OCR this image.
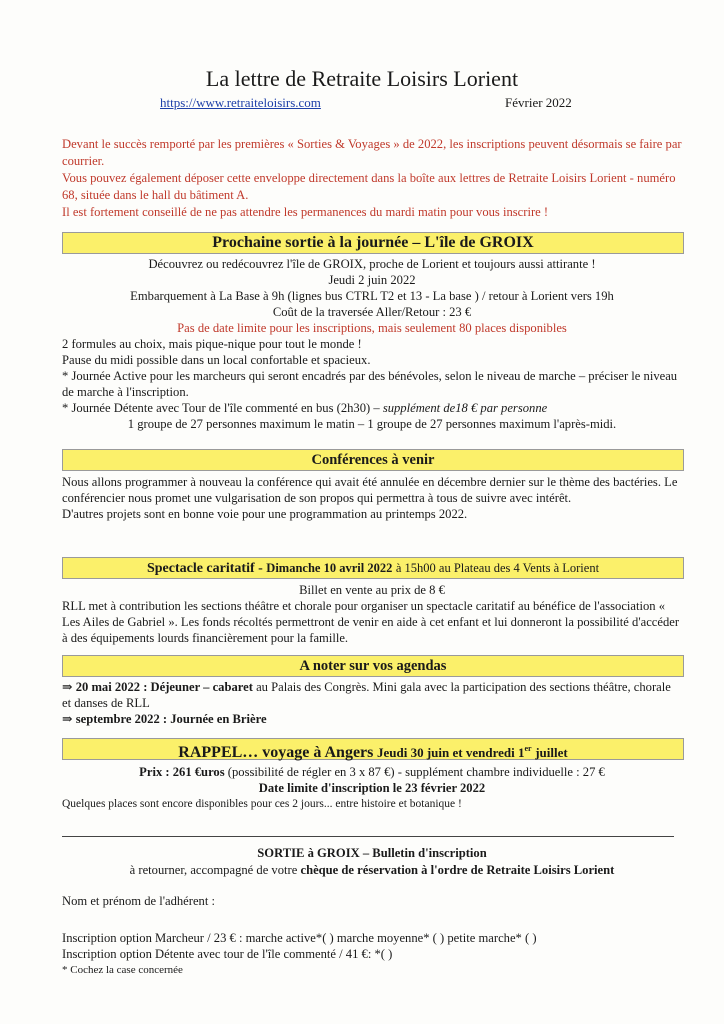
La lettre de Retraite Loisirs Lorient
https://www.retraiteloisirs.com	Février 2022

Devant le succès remporté par les premières « Sorties & Voyages » de 2022, les inscriptions peuvent désormais se faire par courrier.

Vous pouvez également déposer cette enveloppe directement dans la boîte aux lettres de Retraite Loisirs Lorient - numéro 68, située dans le hall du bâtiment A.

Il est fortement conseillé de ne pas attendre les permanences du mardi matin pour vous inscrire !

Prochaine sortie à la journée – L'île de GROIX

Découvrez ou redécouvrez l'île de GROIX, proche de Lorient et toujours aussi attirante !

Jeudi 2 juin 2022

Embarquement à La Base à 9h (lignes bus CTRL T2 et 13 - La base ) / retour à Lorient vers 19h

Coût de la traversée Aller/Retour : 23 €

Pas de date limite pour les inscriptions, mais seulement 80 places disponibles

2 formules au choix, mais pique-nique pour tout le monde !

Pause du midi possible dans un local confortable et spacieux.

* Journée Active pour les marcheurs qui seront encadrés par des bénévoles, selon le niveau de marche – préciser le niveau de marche à l'inscription.

* Journée Détente avec Tour de l'île commenté en bus (2h30) – supplément de18 € par personne

1 groupe de 27 personnes maximum le matin – 1 groupe de 27 personnes maximum l'après-midi.

Conférences à venir

Nous allons programmer à nouveau la conférence qui avait été annulée en décembre dernier sur le thème des bactéries. Le conférencier nous promet une vulgarisation de son propos qui permettra à tous de suivre avec intérêt.

D'autres projets sont en bonne voie pour une programmation au printemps 2022.

Spectacle caritatif - Dimanche 10 avril 2022 à 15h00 au Plateau des 4 Vents à Lorient

Billet en vente au prix de 8 €

RLL met à contribution les sections théâtre et chorale pour organiser un spectacle caritatif au bénéfice de l'association « Les Ailes de Gabriel ». Les fonds récoltés permettront de venir en aide à cet enfant et lui donneront la possibilité d'accéder à des équipements lourds financièrement pour la famille.

A noter sur vos agendas

⇒ 20 mai 2022 : Déjeuner – cabaret au Palais des Congrès. Mini gala avec la participation des sections théâtre, chorale et danses de RLL

⇒ septembre 2022 : Journée en Brière

RAPPEL… voyage à Angers Jeudi 30 juin et vendredi 1er juillet

Prix : 261 €uros (possibilité de régler en 3 x 87 €) - supplément chambre individuelle : 27 €

Date limite d'inscription le 23 février 2022

Quelques places sont encore disponibles pour ces 2 jours... entre histoire et botanique !

SORTIE à GROIX – Bulletin d'inscription
à retourner, accompagné de votre chèque de réservation à l'ordre de Retraite Loisirs Lorient
Nom et prénom de l'adhérent :
Inscription option Marcheur / 23 € : marche active*( ) marche moyenne* ( ) petite marche* ( )
Inscription option Détente avec tour de l'île commenté / 41 €: *( )
* Cochez la case concernée
